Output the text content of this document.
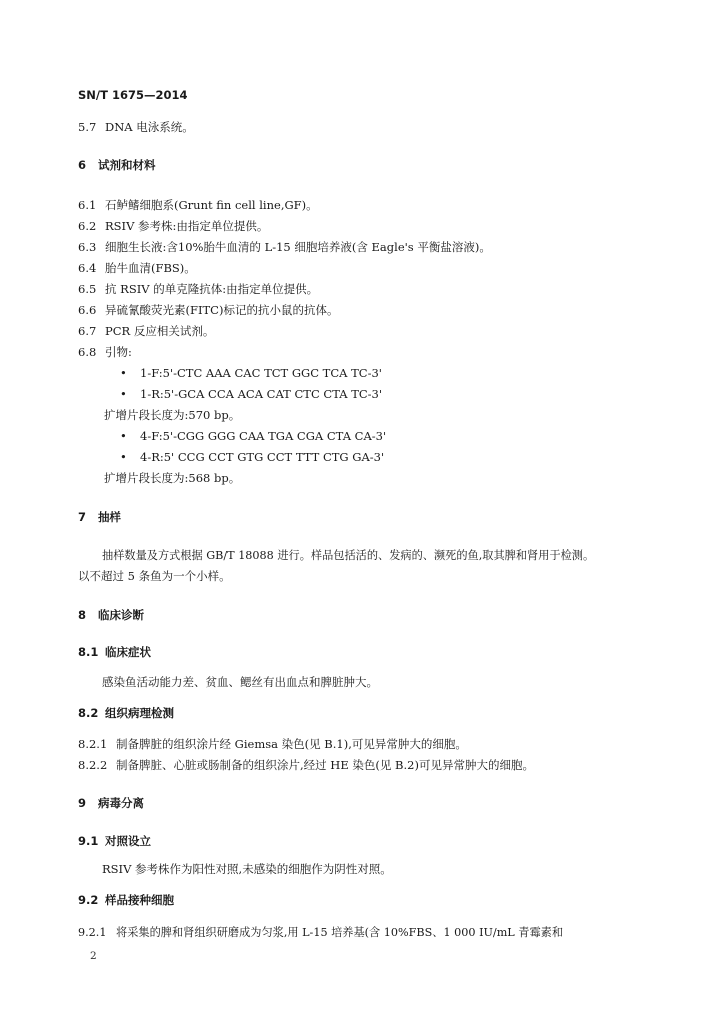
SN/T 1675—2014
5.7 DNA 电泳系统。
6 试剂和材料
6.1 石鲈鳍细胞系(Grunt fin cell line,GF)。
6.2 RSIV 参考株:由指定单位提供。
6.3 细胞生长液:含10%胎牛血清的 L-15 细胞培养液(含 Eagle's 平衡盐溶液)。
6.4 胎牛血清(FBS)。
6.5 抗 RSIV 的单克隆抗体:由指定单位提供。
6.6 异硫氰酸荧光素(FITC)标记的抗小鼠的抗体。
6.7 PCR 反应相关试剂。
6.8 引物:
• 1-F:5'-CTC AAA CAC TCT GGC TCA TC-3'
• 1-R:5'-GCA CCA ACA CAT CTC CTA TC-3'
扩增片段长度为:570 bp。
• 4-F:5'-CGG GGG CAA TGA CGA CTA CA-3'
• 4-R:5' CCG CCT GTG CCT TTT CTG GA-3'
扩增片段长度为:568 bp。
7 抽样
抽样数量及方式根据 GB/T 18088 进行。样品包括活的、发病的、濒死的鱼,取其脾和肾用于检测。
以不超过 5 条鱼为一个小样。
8 临床诊断
8.1 临床症状
感染鱼活动能力差、贫血、鳃丝有出血点和脾脏肿大。
8.2 组织病理检测
8.2.1 制备脾脏的组织涂片经 Giemsa 染色(见 B.1),可见异常肿大的细胞。
8.2.2 制备脾脏、心脏或肠制备的组织涂片,经过 HE 染色(见 B.2)可见异常肿大的细胞。
9 病毒分离
9.1 对照设立
RSIV 参考株作为阳性对照,未感染的细胞作为阴性对照。
9.2 样品接种细胞
9.2.1 将采集的脾和肾组织研磨成为匀浆,用 L-15 培养基(含 10%FBS、1 000 IU/mL 青霉素和
2
